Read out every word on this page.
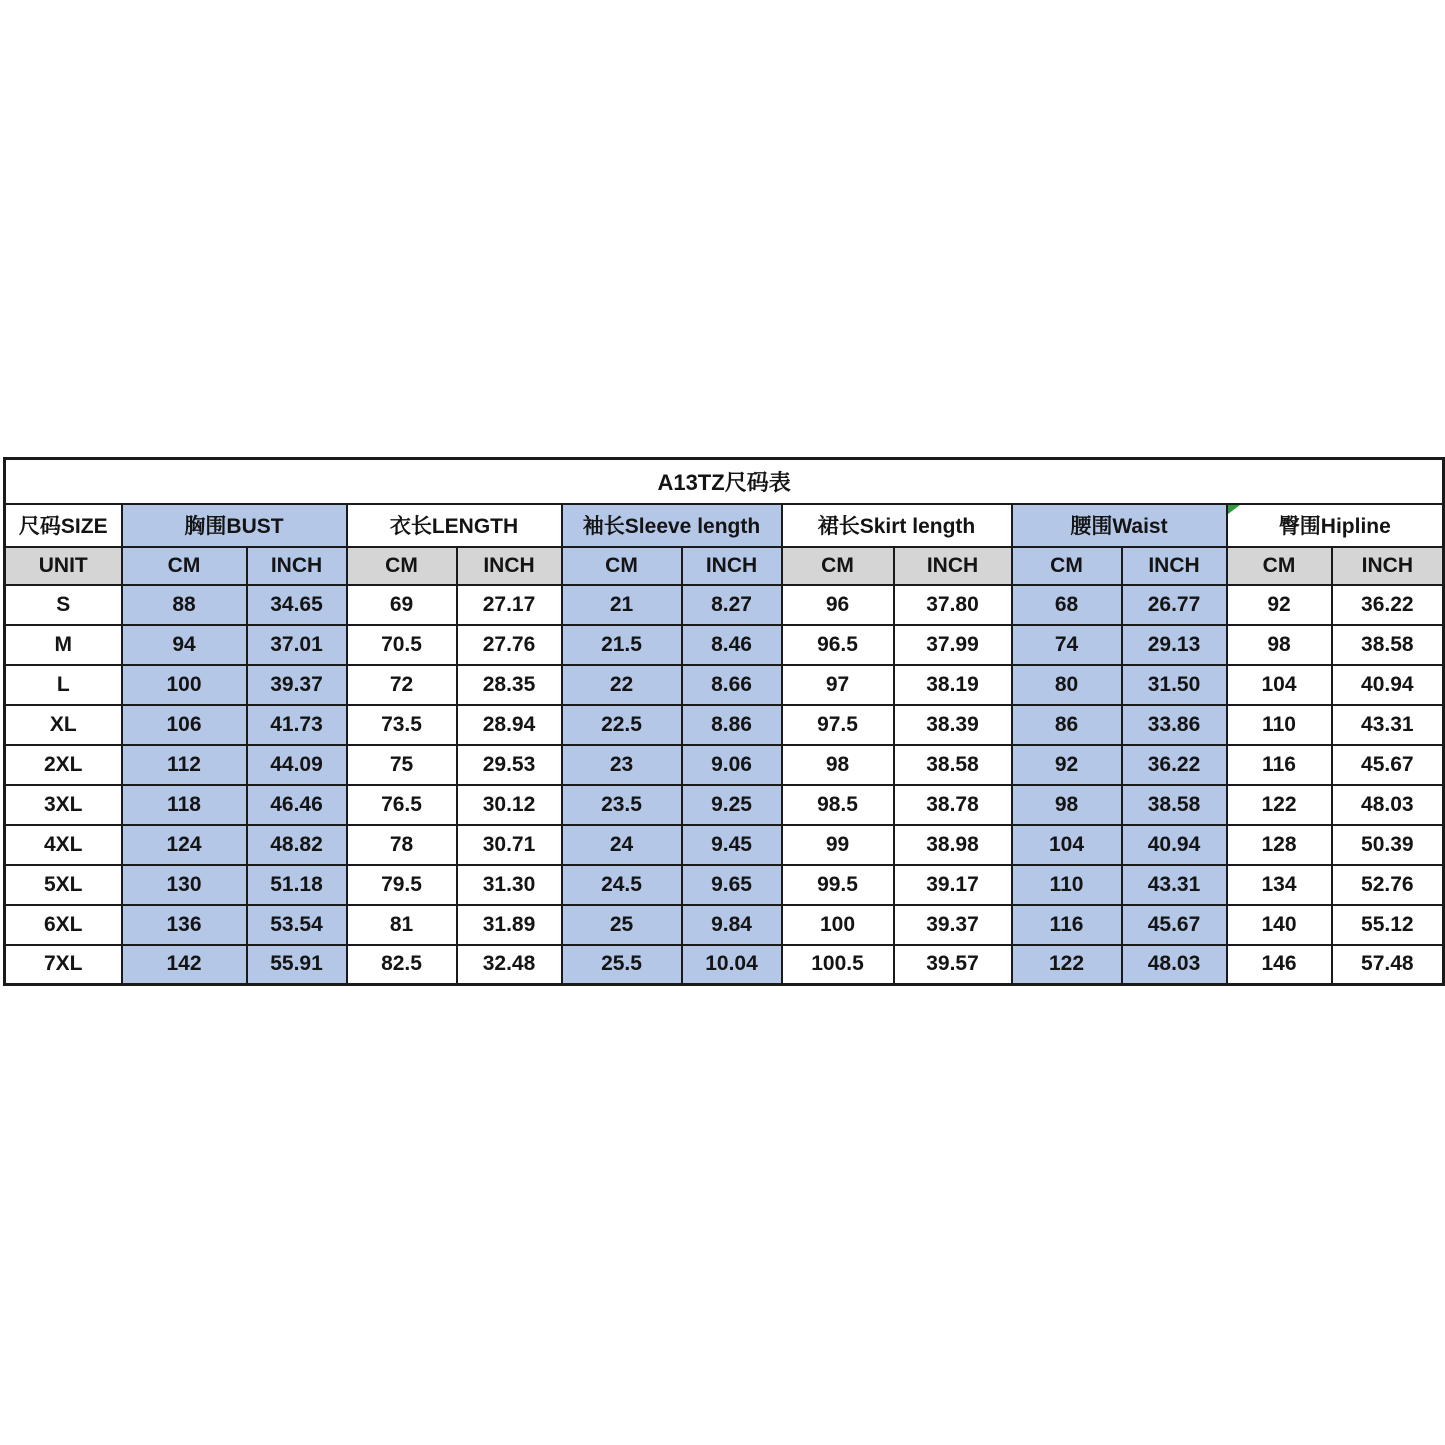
A13TZ尺码表												
尺码SIZE	胸围BUST		衣长LENGTH		袖长Sleeve length		裙长Skirt length		腰围Waist		臀围Hipline	
UNIT	CM	INCH	CM	INCH	CM	INCH	CM	INCH	CM	INCH	CM	INCH
S	88	34.65	69	27.17	21	8.27	96	37.80	68	26.77	92	36.22
M	94	37.01	70.5	27.76	21.5	8.46	96.5	37.99	74	29.13	98	38.58
L	100	39.37	72	28.35	22	8.66	97	38.19	80	31.50	104	40.94
XL	106	41.73	73.5	28.94	22.5	8.86	97.5	38.39	86	33.86	110	43.31
2XL	112	44.09	75	29.53	23	9.06	98	38.58	92	36.22	116	45.67
3XL	118	46.46	76.5	30.12	23.5	9.25	98.5	38.78	98	38.58	122	48.03
4XL	124	48.82	78	30.71	24	9.45	99	38.98	104	40.94	128	50.39
5XL	130	51.18	79.5	31.30	24.5	9.65	99.5	39.17	110	43.31	134	52.76
6XL	136	53.54	81	31.89	25	9.84	100	39.37	116	45.67	140	55.12
7XL	142	55.91	82.5	32.48	25.5	10.04	100.5	39.57	122	48.03	146	57.48
